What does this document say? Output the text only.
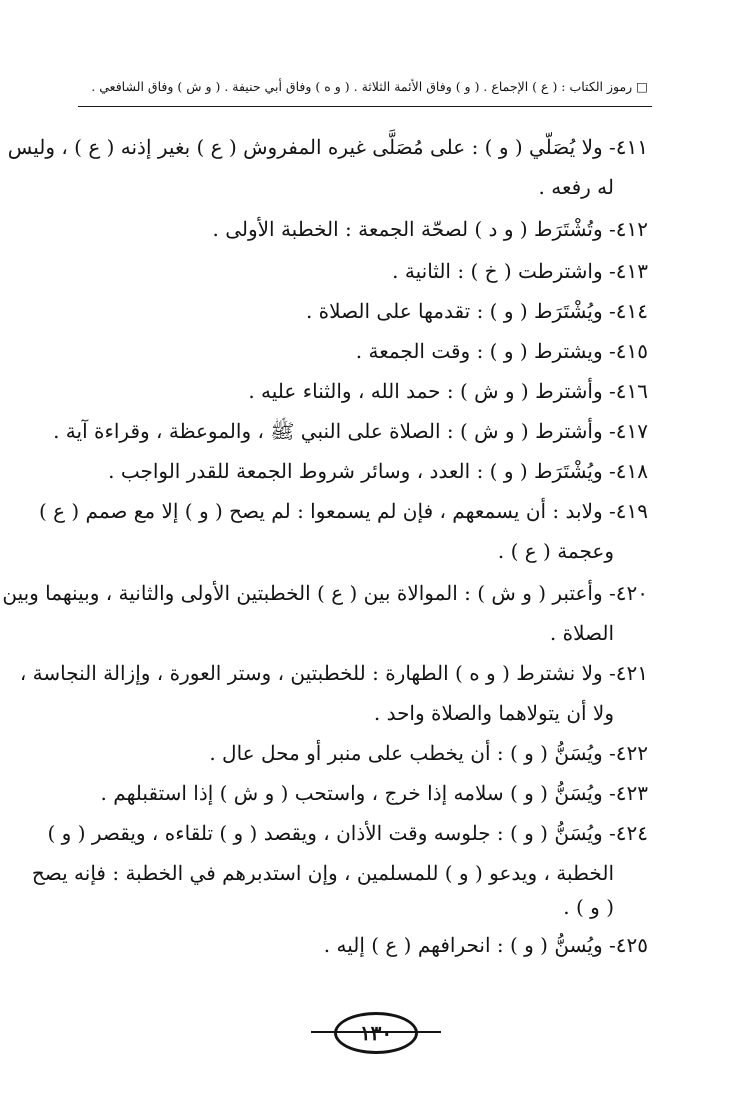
□ رموز الكتاب : ( ع ) الإجماع . ( و ) وفاق الأئمة الثلاثة . ( و ه ) وفاق أبي حنيفة . ( و ش ) وفاق الشافعي .
٤١١- ولا يُصَلّي ( و ) : على مُصَلَّى غيره المفروش ( ع ) بغير إذنه ( ع ) ، وليس
له رفعه .
٤١٢- وتُشْتَرَط ( و د ) لصحّة الجمعة : الخطبة الأولى .
٤١٣- واشترطت ( خ ) : الثانية .
٤١٤- ويُشْتَرَط ( و ) : تقدمها على الصلاة .
٤١٥- ويشترط ( و ) : وقت الجمعة .
٤١٦- وأشترط ( و ش ) : حمد الله ، والثناء عليه .
٤١٧- وأشترط ( و ش ) : الصلاة على النبي ﷺ ، والموعظة ، وقراءة آية .
٤١٨- ويُشْتَرَط ( و ) : العدد ، وسائر شروط الجمعة للقدر الواجب .
٤١٩- ولابد : أن يسمعهم ، فإن لم يسمعوا : لم يصح ( و ) إلا مع صمم ( ع )
وعجمة ( ع ) .
٤٢٠- وأعتبر ( و ش ) : الموالاة بين ( ع ) الخطبتين الأولى والثانية ، وبينهما وبين
الصلاة .
٤٢١- ولا نشترط ( و ه ) الطهارة : للخطبتين ، وستر العورة ، وإزالة النجاسة ،
ولا أن يتولاهما والصلاة واحد .
٤٢٢- ويُسَنُّ ( و ) : أن يخطب على منبر أو محل عال .
٤٢٣- ويُسَنُّ ( و ) سلامه إذا خرج ، واستحب ( و ش ) إذا استقبلهم .
٤٢٤- ويُسَنُّ ( و ) : جلوسه وقت الأذان ، ويقصد ( و ) تلقاءه ، ويقصر ( و )
الخطبة ، ويدعو ( و ) للمسلمين ، وإن استدبرهم في الخطبة : فإنه يصح
( و ) .
٤٢٥- ويُسنُّ ( و ) : انحرافهم ( ع ) إليه .
١٣٠
